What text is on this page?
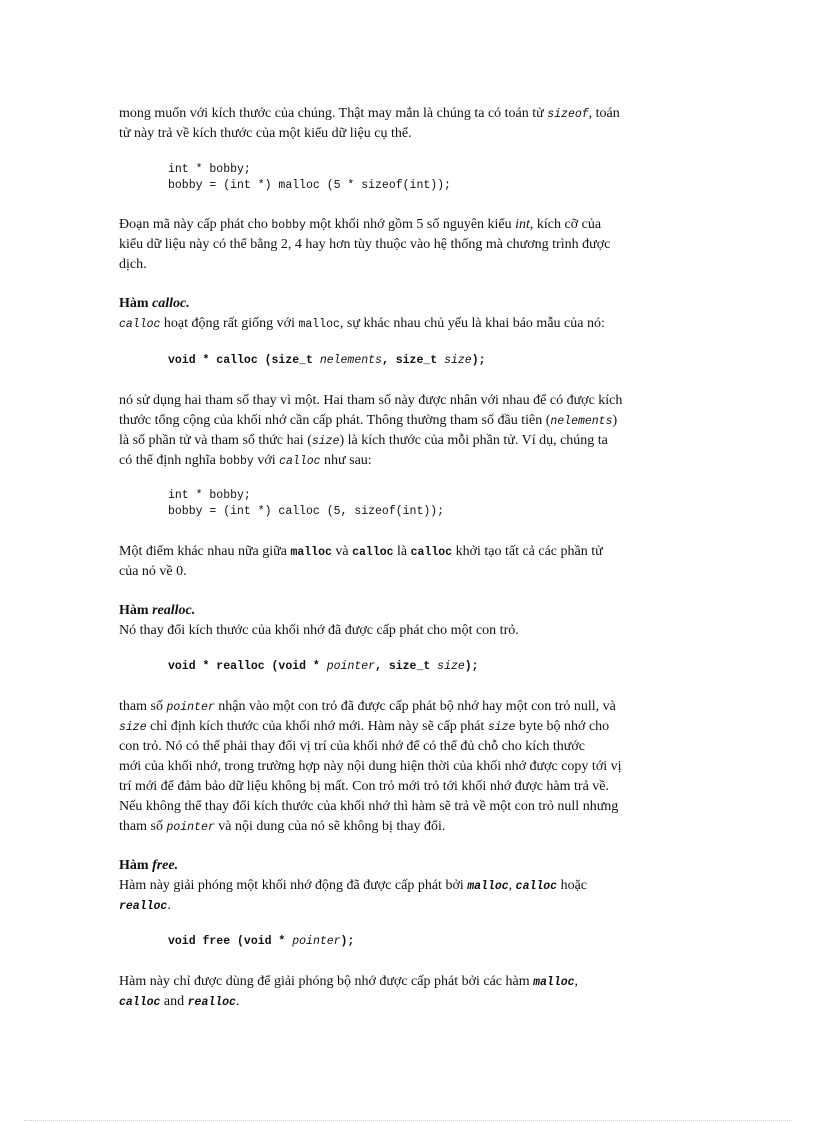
mong muốn với kích thước của chúng. Thật may mắn là chúng ta có toán tử sizeof, toán

tử này trả về kích thước của một kiểu dữ liệu cụ thể.

int * bobby;
bobby = (int *) malloc (5 * sizeof(int));

Đoạn mã này cấp phát cho bobby một khối nhớ gồm 5 số nguyên kiểu int, kích cỡ của

kiểu dữ liệu này có thể bằng 2, 4 hay hơn tùy thuộc vào hệ thống mà chương trình được

dịch.

Hàm calloc.

calloc hoạt động rất giống với malloc, sự khác nhau chủ yếu là khai báo mẫu của nó:

void * calloc (size_t nelements, size_t size);

nó sử dụng hai tham số thay vì một. Hai tham số này được nhân với nhau để có được kích

thước tổng cộng của khối nhớ cần cấp phát. Thông thường tham số đầu tiên (nelements)

là số phần tử và tham số thức hai (size) là kích thước của mỗi phần tử. Ví dụ, chúng ta

có thể định nghĩa bobby với calloc như sau:

int * bobby;
bobby = (int *) calloc (5, sizeof(int));

Một điểm khác nhau nữa giữa malloc và calloc là calloc khởi tạo tất cả các phần tử

của nó về 0.

Hàm realloc.

Nó thay đổi kích thước của khối nhớ đã được cấp phát cho một con trỏ.

void * realloc (void * pointer, size_t size);

tham số pointer nhận vào một con trỏ đã được cấp phát bộ nhớ hay một con trỏ null, và

size chỉ định kích thước của khối nhớ mới. Hàm này sẽ cấp phát size byte bộ nhớ cho

con trỏ. Nó có thể phải thay đổi vị trí của khối nhớ để có thể đủ chỗ cho kích thước

mới của khối nhớ, trong trường hợp này nội dung hiện thời của khối nhớ được copy tới vị

trí mới để đảm bảo dữ liệu không bị mất. Con trỏ mới trỏ tới khối nhớ được hàm trả về.

Nếu không thể thay đổi kích thước của khối nhớ thì hàm sẽ trả về một con trỏ null nhưng

tham số pointer và nội dung của nó sẽ không bị thay đổi.

Hàm free.

Hàm này giải phóng một khối nhớ động đã được cấp phát bởi malloc, calloc hoặc

realloc.

void free (void * pointer);

Hàm này chỉ được dùng để giải phóng bộ nhớ được cấp phát bởi các hàm malloc,

calloc and realloc.
